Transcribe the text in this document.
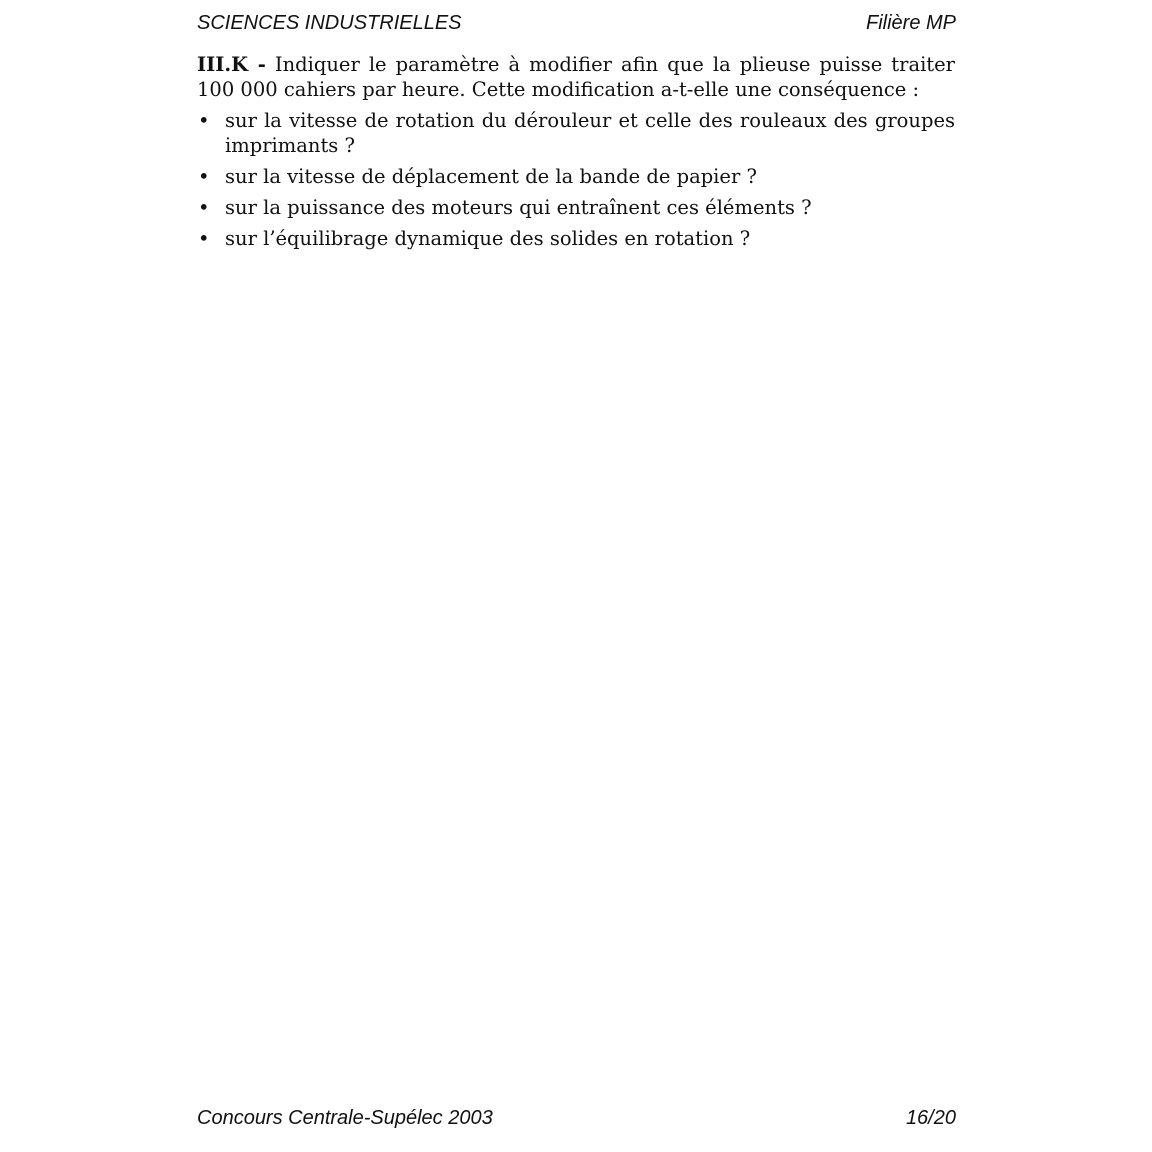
SCIENCES INDUSTRIELLES	Filière MP

III.K - Indiquer le paramètre à modifier afin que la plieuse puisse traiter 100 000 cahiers par heure. Cette modification a-t-elle une conséquence :

• sur la vitesse de rotation du dérouleur et celle des rouleaux des groupes imprimants ?
• sur la vitesse de déplacement de la bande de papier ?
• sur la puissance des moteurs qui entraînent ces éléments ?
• sur l’équilibrage dynamique des solides en rotation ?
Concours Centrale-Supélec 2003	16/20
